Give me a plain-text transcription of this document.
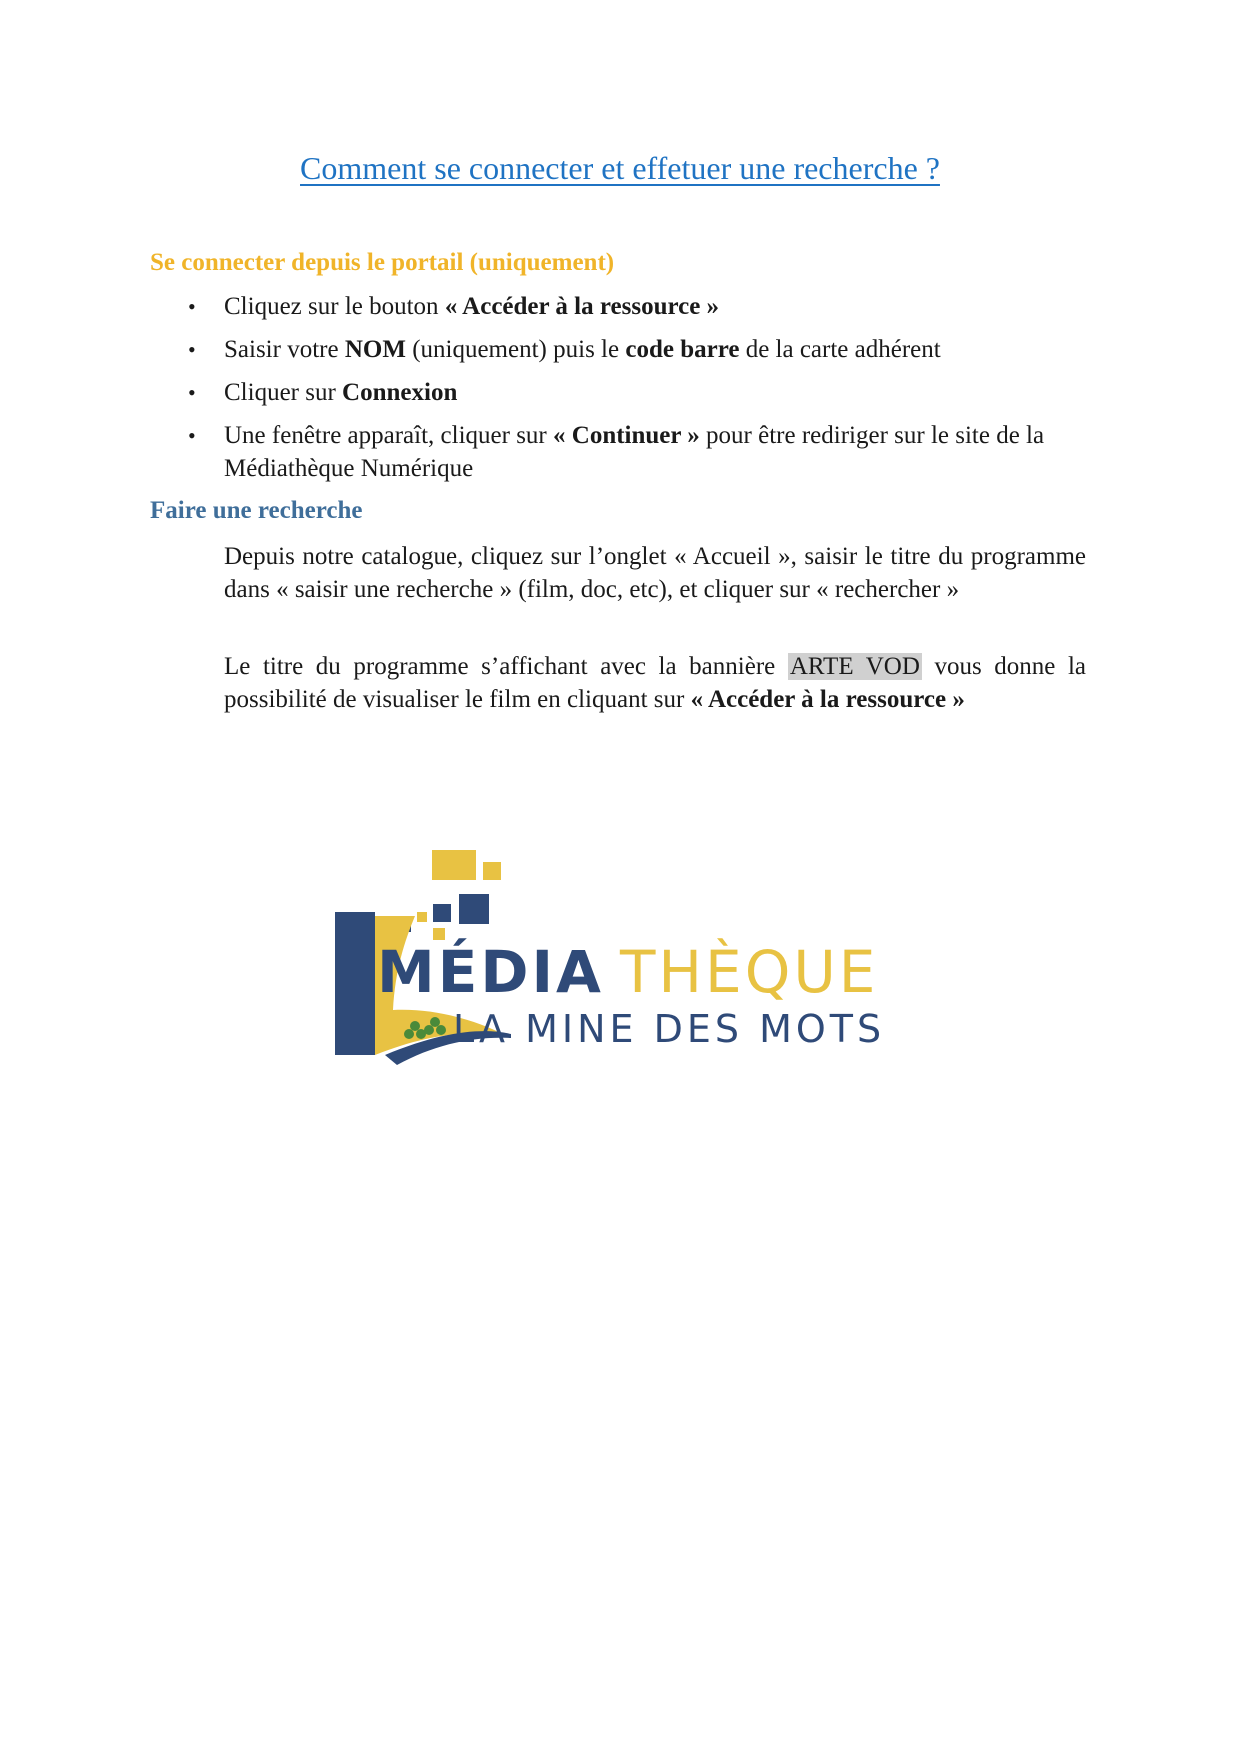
Comment se connecter et effetuer une recherche ?
Se connecter depuis le portail (uniquement)
• Cliquez sur le bouton « Accéder à la ressource »
• Saisir votre NOM (uniquement) puis le code barre de la carte adhérent
• Cliquer sur Connexion
• Une fenêtre apparaît, cliquer sur « Continuer » pour être rediriger sur le site de la Médiathèque Numérique
Faire une recherche
Depuis notre catalogue, cliquez sur l’onglet « Accueil », saisir le titre du programme dans « saisir une recherche » (film, doc, etc), et cliquer sur « rechercher »
Le titre du programme s’affichant avec la bannière ARTE VOD vous donne la possibilité de visualiser le film en cliquant sur « Accéder à la ressource »
MÉDIA THÈQUE
LA MINE DES MOTS
